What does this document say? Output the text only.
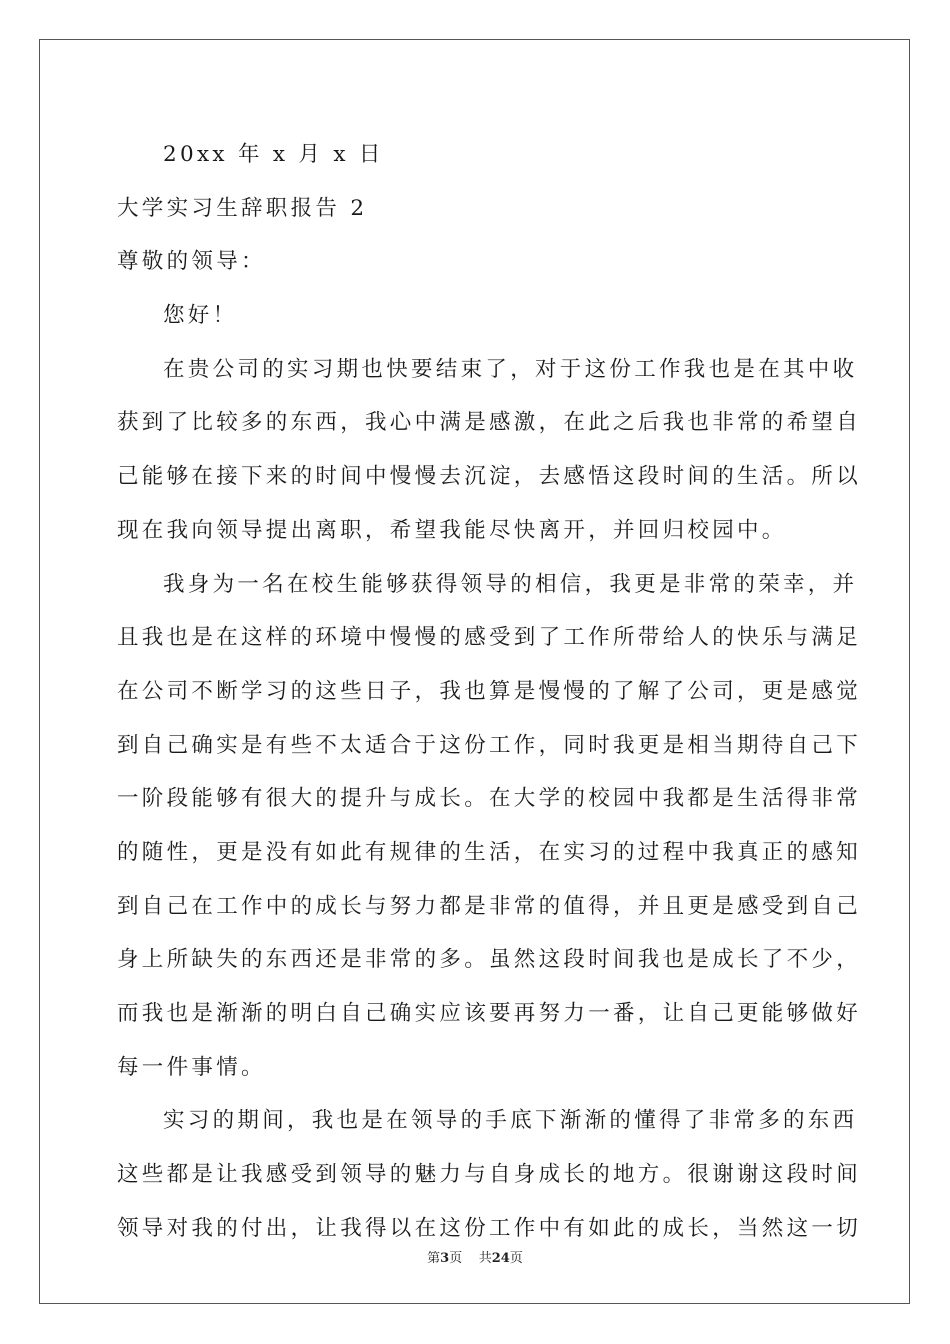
20xx 年 x 月 x 日
大学实习生辞职报告 2
尊敬的领导：
您好！
在贵公司的实习期也快要结束了，对于这份工作我也是在其中收
获到了比较多的东西，我心中满是感激，在此之后我也非常的希望自
己能够在接下来的时间中慢慢去沉淀，去感悟这段时间的生活。所以
现在我向领导提出离职，希望我能尽快离开，并回归校园中。
我身为一名在校生能够获得领导的相信，我更是非常的荣幸，并
且我也是在这样的环境中慢慢的感受到了工作所带给人的快乐与满足
在公司不断学习的这些日子，我也算是慢慢的了解了公司，更是感觉
到自己确实是有些不太适合于这份工作，同时我更是相当期待自己下
一阶段能够有很大的提升与成长。在大学的校园中我都是生活得非常
的随性，更是没有如此有规律的生活，在实习的过程中我真正的感知
到自己在工作中的成长与努力都是非常的值得，并且更是感受到自己
身上所缺失的东西还是非常的多。虽然这段时间我也是成长了不少，
而我也是渐渐的明白自己确实应该要再努力一番，让自己更能够做好
每一件事情。
实习的期间，我也是在领导的手底下渐渐的懂得了非常多的东西
这些都是让我感受到领导的魅力与自身成长的地方。很谢谢这段时间
领导对我的付出，让我得以在这份工作中有如此的成长，当然这一切
第3页 共24页
